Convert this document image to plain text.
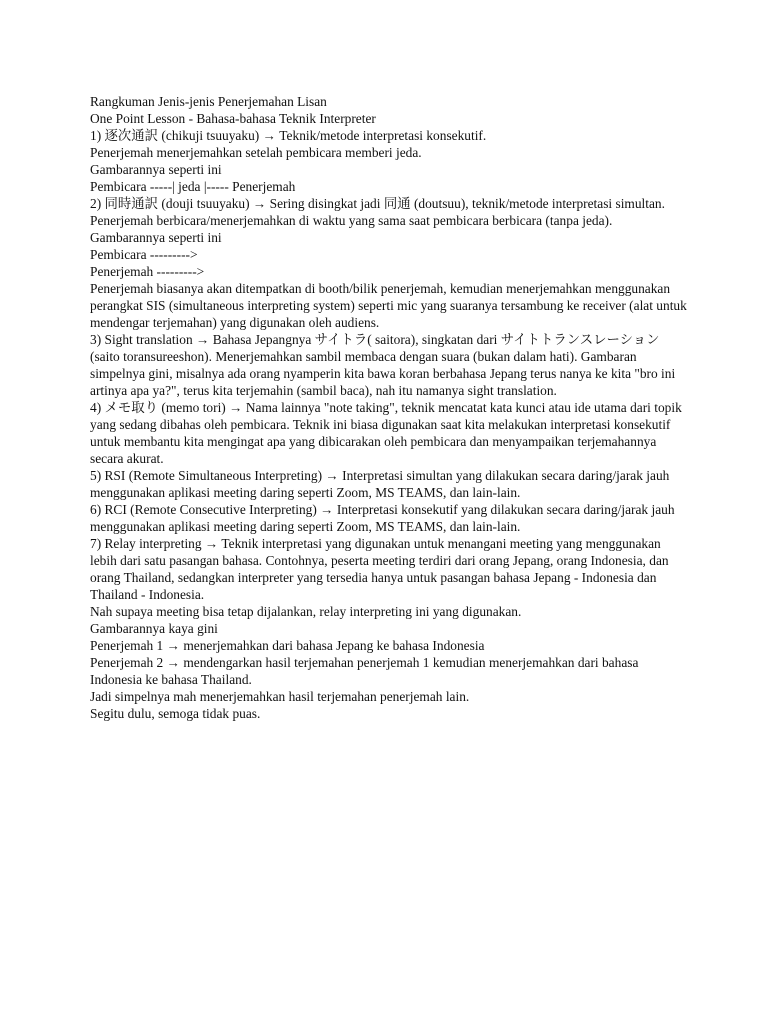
Rangkuman Jenis-jenis Penerjemahan Lisan

One Point Lesson - Bahasa-bahasa Teknik Interpreter

1) 逐次通訳 (chikuji tsuuyaku) → Teknik/metode interpretasi konsekutif.

Penerjemah menerjemahkan setelah pembicara memberi jeda.

Gambarannya seperti ini

Pembicara -----| jeda |----- Penerjemah

2) 同時通訳 (douji tsuuyaku) → Sering disingkat jadi 同通 (doutsuu), teknik/metode interpretasi simultan.

Penerjemah berbicara/menerjemahkan di waktu yang sama saat pembicara berbicara (tanpa jeda).

Gambarannya seperti ini

Pembicara --------->

Penerjemah --------->

Penerjemah biasanya akan ditempatkan di booth/bilik penerjemah, kemudian menerjemahkan menggunakan perangkat SIS (simultaneous interpreting system) seperti mic yang suaranya tersambung ke receiver (alat untuk mendengar terjemahan) yang digunakan oleh audiens.

3) Sight translation → Bahasa Jepangnya サイトラ( saitora), singkatan dari サイトトランスレーション (saito toransureeshon). Menerjemahkan sambil membaca dengan suara (bukan dalam hati). Gambaran simpelnya gini, misalnya ada orang nyamperin kita bawa koran berbahasa Jepang terus nanya ke kita "bro ini artinya apa ya?", terus kita terjemahin (sambil baca), nah itu namanya sight translation.

4) メモ取り (memo tori) → Nama lainnya "note taking", teknik mencatat kata kunci atau ide utama dari topik yang sedang dibahas oleh pembicara. Teknik ini biasa digunakan saat kita melakukan interpretasi konsekutif untuk membantu kita mengingat apa yang dibicarakan oleh pembicara dan menyampaikan terjemahannya secara akurat.

5) RSI (Remote Simultaneous Interpreting) → Interpretasi simultan yang dilakukan secara daring/jarak jauh menggunakan aplikasi meeting daring seperti Zoom, MS TEAMS, dan lain-lain.

6) RCI (Remote Consecutive Interpreting) → Interpretasi konsekutif yang dilakukan secara daring/jarak jauh menggunakan aplikasi meeting daring seperti Zoom, MS TEAMS, dan lain-lain.

7) Relay interpreting → Teknik interpretasi yang digunakan untuk menangani meeting yang menggunakan lebih dari satu pasangan bahasa. Contohnya, peserta meeting terdiri dari orang Jepang, orang Indonesia, dan orang Thailand, sedangkan interpreter yang tersedia hanya untuk pasangan bahasa Jepang - Indonesia dan Thailand - Indonesia.

Nah supaya meeting bisa tetap dijalankan, relay interpreting ini yang digunakan.

Gambarannya kaya gini

Penerjemah 1 → menerjemahkan dari bahasa Jepang ke bahasa Indonesia

Penerjemah 2 → mendengarkan hasil terjemahan penerjemah 1 kemudian menerjemahkan dari bahasa Indonesia ke bahasa Thailand.

Jadi simpelnya mah menerjemahkan hasil terjemahan penerjemah lain.

Segitu dulu, semoga tidak puas.
